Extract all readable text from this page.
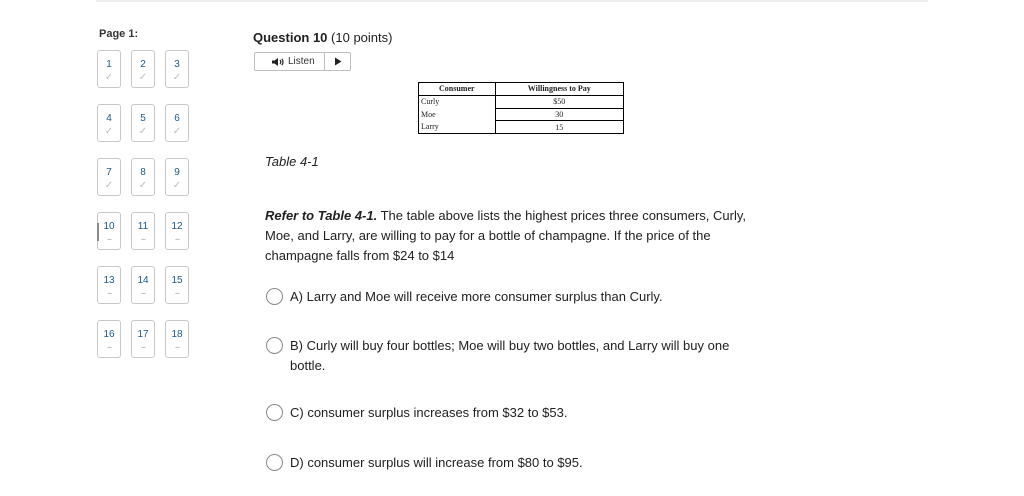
Page 1:
1
✓
2
✓
3
✓
4
✓
5
✓
6
✓
7
✓
8
✓
9
✓
10
--
11
--
12
--
13
--
14
--
15
--
16
--
17
--
18
--
Question 10 (10 points)
Listen
Consumer	Willingness to Pay
Curly	$50
Moe	30
Larry	15
Table 4-1
Refer to Table 4-1. The table above lists the highest prices three consumers, Curly, Moe, and Larry, are willing to pay for a bottle of champagne. If the price of the champagne falls from $24 to $14
A) Larry and Moe will receive more consumer surplus than Curly.
B) Curly will buy four bottles; Moe will buy two bottles, and Larry will buy one bottle.
C) consumer surplus increases from $32 to $53.
D) consumer surplus will increase from $80 to $95.
